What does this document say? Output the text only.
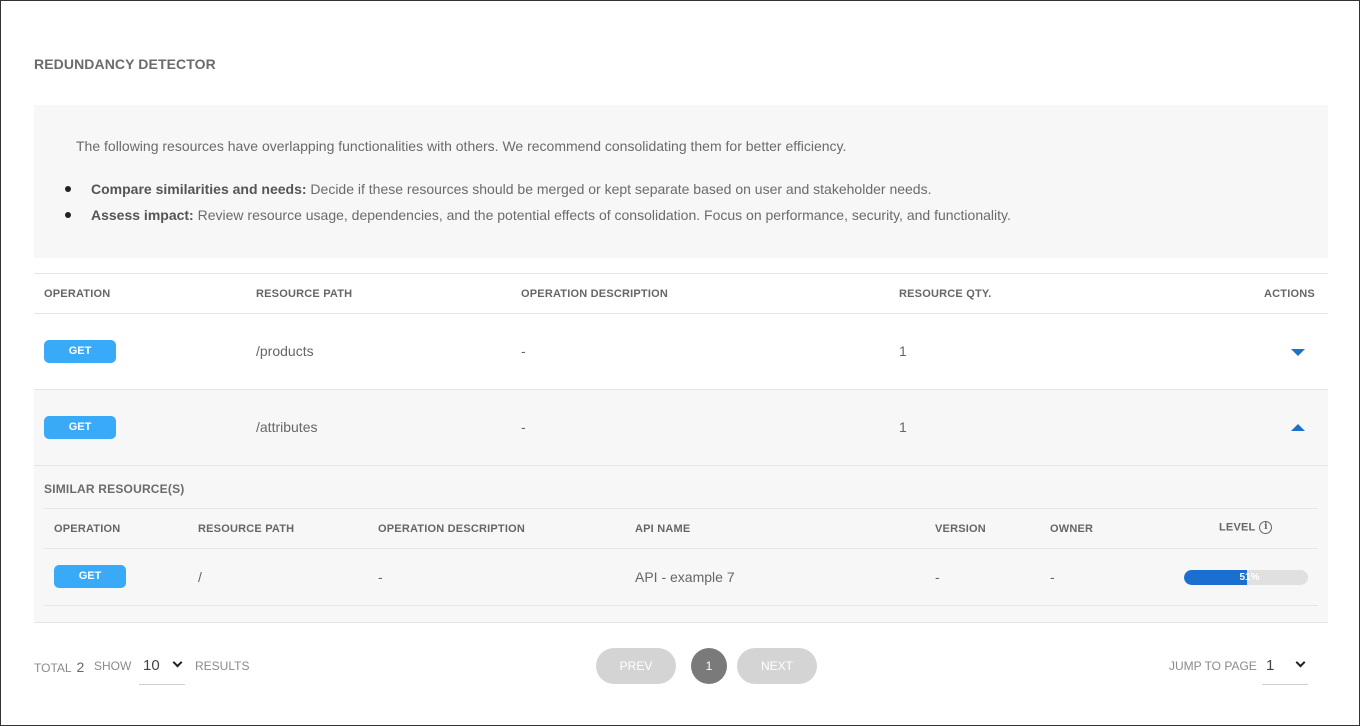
REDUNDANCY DETECTOR
The following resources have overlapping functionalities with others. We recommend consolidating them for better efficiency.
Compare similarities and needs: Decide if these resources should be merged or kept separate based on user and stakeholder needs.
Assess impact: Review resource usage, dependencies, and the potential effects of consolidation. Focus on performance, security, and functionality.
OPERATION	RESOURCE PATH	OPERATION DESCRIPTION	RESOURCE QTY.	ACTIONS
GET	/products	-	1
GET	/attributes	-	1
SIMILAR RESOURCE(S)
OPERATION	RESOURCE PATH	OPERATION DESCRIPTION	API NAME	VERSION	OWNER	LEVEL i
GET	/	-	API - example 7	-	-	51%
TOTAL 2 SHOW 10	RESULTS	PREV	1	NEXT	JUMP TO PAGE 1
